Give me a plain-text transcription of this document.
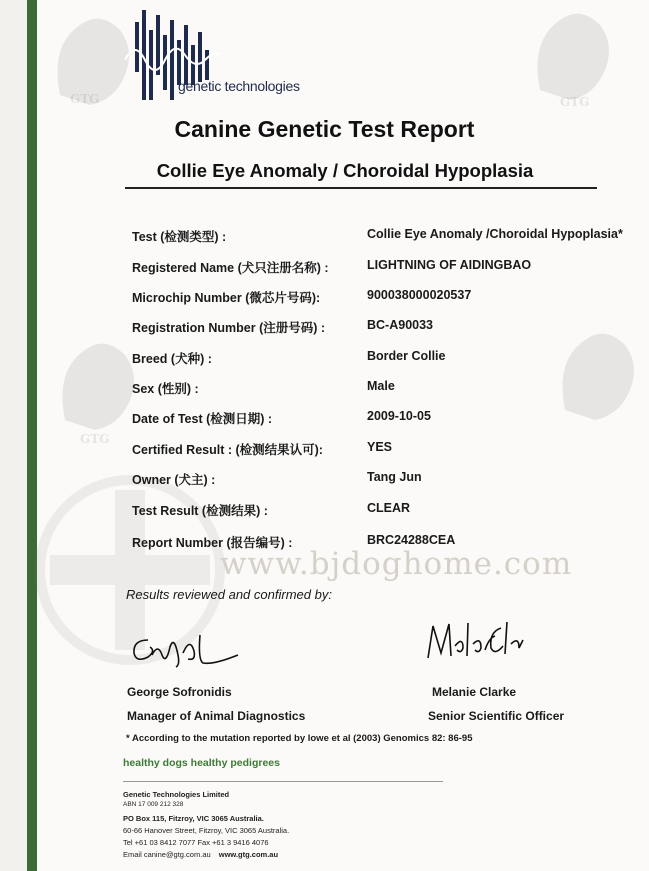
GTG	GTG
GTG
genetic technologies
Canine Genetic Test Report
Collie Eye Anomaly / Choroidal Hypoplasia
Test (检测类型) :	Collie Eye Anomaly /Choroidal Hypoplasia*
Registered Name (犬只注册名称) :	LIGHTNING OF AIDINGBAO
Microchip Number (微芯片号码):	900038000020537
Registration Number (注册号码) :	BC-A90033
Breed (犬种) :	Border Collie
Sex (性别) :	Male
Date of Test (检测日期) :	2009-10-05
Certified Result : (检测结果认可):	YES
Owner (犬主) :	Tang Jun
Test Result (检测结果) :	CLEAR
Report Number (报告编号) :	BRC24288CEA
www.bjdoghome.com
Results reviewed and confirmed by:
George Sofronidis
Manager of Animal Diagnostics
Melanie Clarke
Senior Scientific Officer
* According to the mutation reported by lowe et al (2003) Genomics 82: 86-95
healthy dogs healthy pedigrees
Genetic Technologies Limited
ABN 17 009 212 328
PO Box 115, Fitzroy, VIC 3065 Australia.
60-66 Hanover Street, Fitzroy, VIC 3065 Australia.
Tel +61 03 8412 7077 Fax +61 3 9416 4076
Email canine@gtg.com.au www.gtg.com.au
